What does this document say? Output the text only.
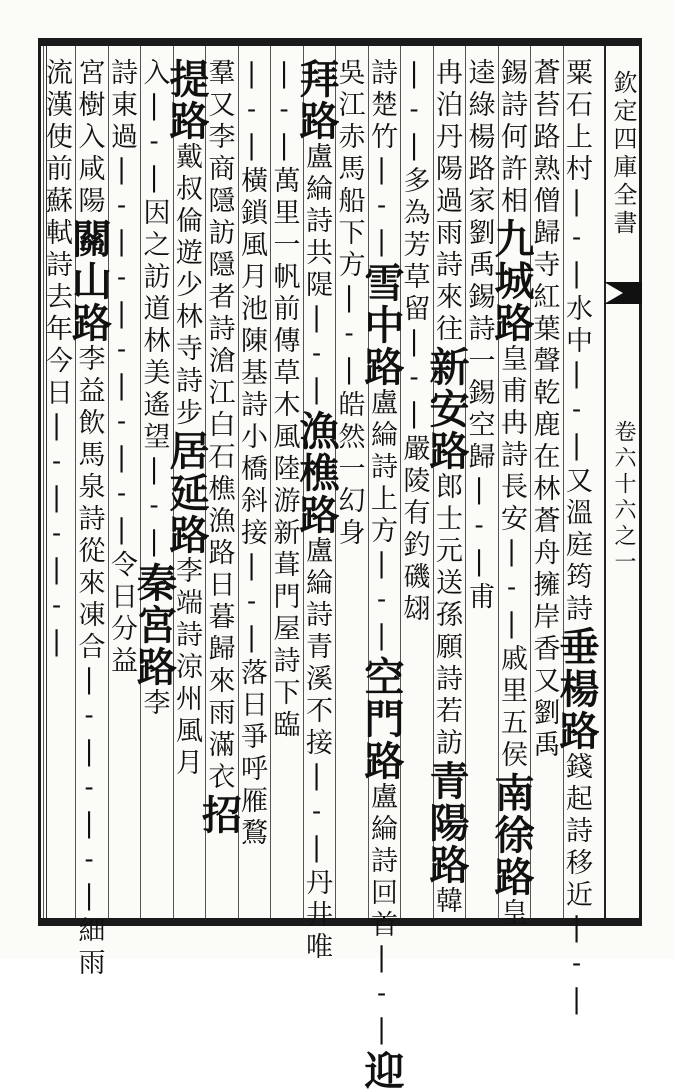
欽定四庫全書
卷六十六之一
粟石上村|-|水中|-|又溫庭筠詩垂楊路錢起詩移近|-|
蒼苔路熟僧歸寺紅葉聲乾鹿在林蒼舟擁岸香又劉禹
錫詩何許相九城路皇甫冉詩長安|-|戚里五侯南徐路皇
逵綠楊路家劉禹錫詩一錫空歸|-|甫
冉泊丹陽過雨詩來往新安路郎士元送孫願詩若訪青陽路韓
|-|多為芳草留|-|嚴陵有釣磯翃
詩楚竹|-|雪中路盧綸詩上方|-|空門路盧綸詩回首|-|迎
吳江赤馬船下方|-|皓然一幻身
拜路盧綸詩共隄|-|漁樵路盧綸詩青溪不接|-|丹井唯
|-|萬里一帆前傳草木風陸游新葺門屋詩下臨
|-|橫鎖風月池陳基詩小橋斜接|-|落日爭呼雁鶩
羣又李商隱訪隱者詩滄江白石樵漁路日暮歸來雨滿衣招
提路戴叔倫遊少林寺詩步居延路李端詩涼州風月
入|-|因之訪道林美遙望|-|秦宮路李
詩東過|-|-|-|-|-|令日分益
宮樹入咸陽關山路李益飲馬泉詩從來凍合|-|-|-|細雨
流漢使前蘇軾詩去年今日|-|-|-|
